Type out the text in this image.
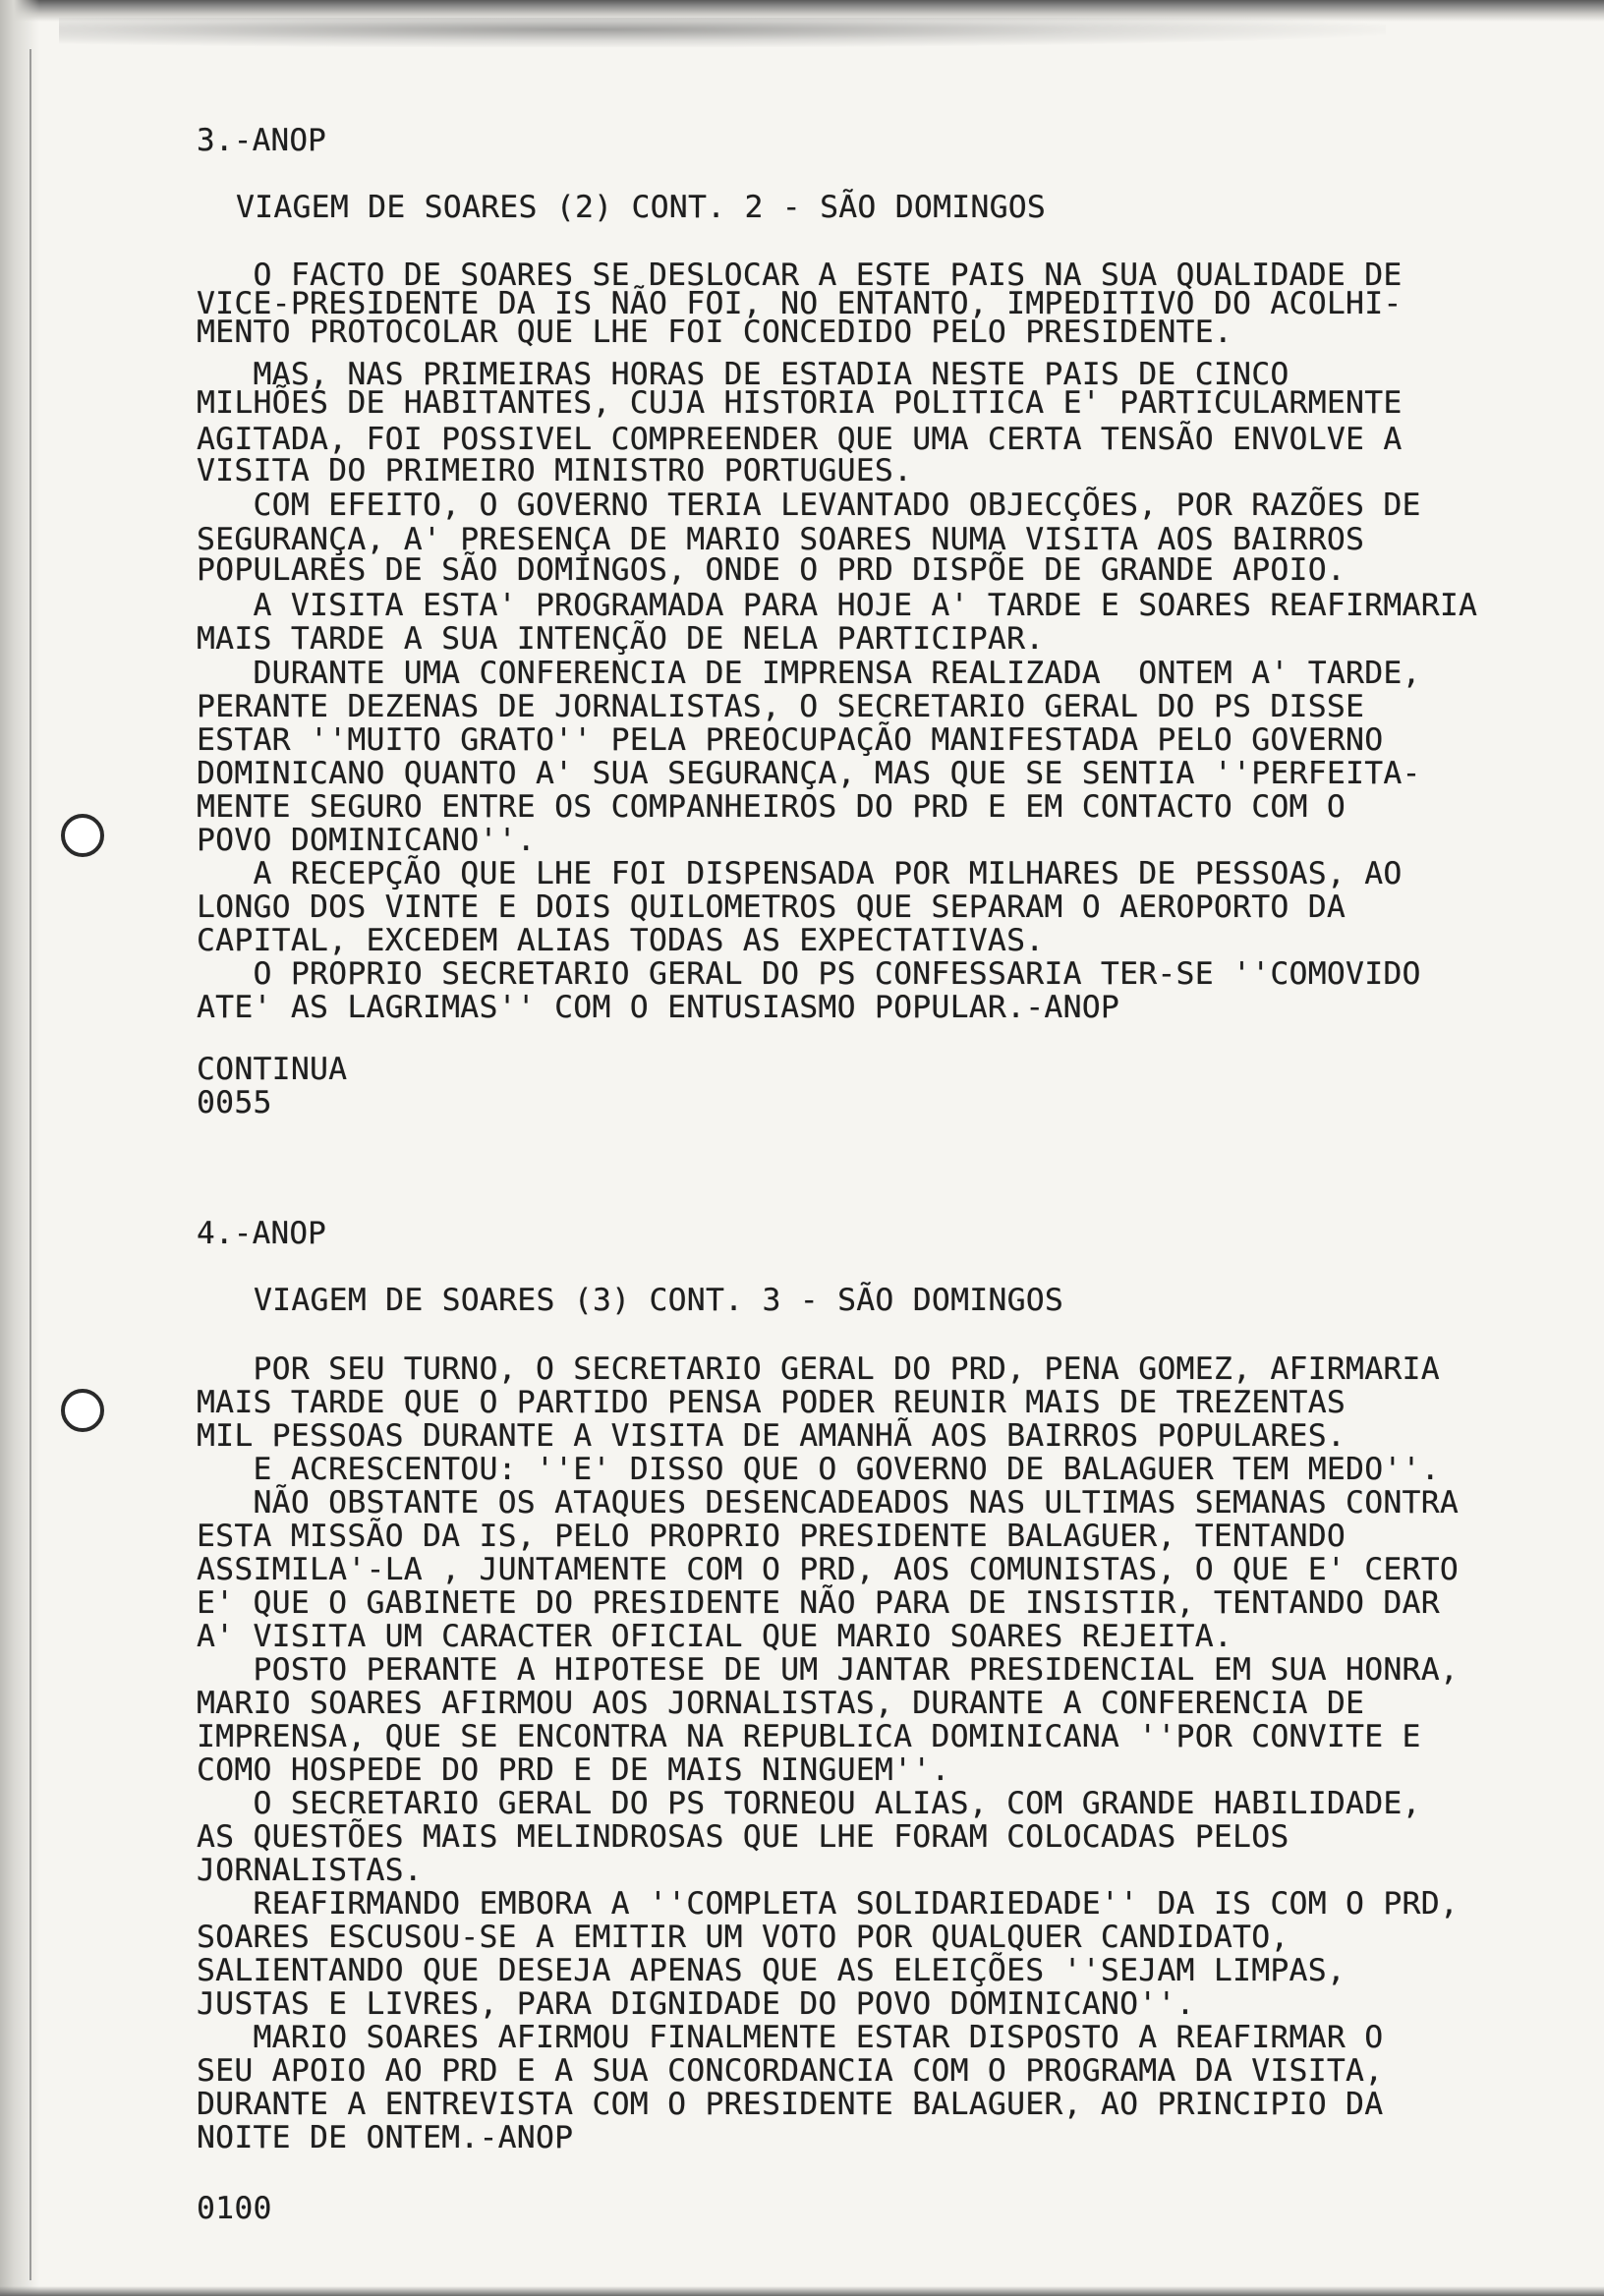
3.-ANOP
VIAGEM DE SOARES (2) CONT. 2 - SÃO DOMINGOS
O FACTO DE SOARES SE DESLOCAR A ESTE PAIS NA SUA QUALIDADE DE
VICE-PRESIDENTE DA IS NÃO FOI, NO ENTANTO, IMPEDITIVO DO ACOLHI-
MENTO PROTOCOLAR QUE LHE FOI CONCEDIDO PELO PRESIDENTE.
MAS, NAS PRIMEIRAS HORAS DE ESTADIA NESTE PAIS DE CINCO
MILHÕES DE HABITANTES, CUJA HISTORIA POLITICA E' PARTICULARMENTE
AGITADA, FOI POSSIVEL COMPREENDER QUE UMA CERTA TENSÃO ENVOLVE A
VISITA DO PRIMEIRO MINISTRO PORTUGUES.
COM EFEITO, O GOVERNO TERIA LEVANTADO OBJECÇÕES, POR RAZÕES DE
SEGURANÇA, A' PRESENÇA DE MARIO SOARES NUMA VISITA AOS BAIRROS
POPULARES DE SÃO DOMINGOS, ONDE O PRD DISPÕE DE GRANDE APOIO.
A VISITA ESTA' PROGRAMADA PARA HOJE A' TARDE E SOARES REAFIRMARIA
MAIS TARDE A SUA INTENÇÃO DE NELA PARTICIPAR.
DURANTE UMA CONFERENCIA DE IMPRENSA REALIZADA  ONTEM A' TARDE,
PERANTE DEZENAS DE JORNALISTAS, O SECRETARIO GERAL DO PS DISSE
ESTAR ''MUITO GRATO'' PELA PREOCUPAÇÃO MANIFESTADA PELO GOVERNO
DOMINICANO QUANTO A' SUA SEGURANÇA, MAS QUE SE SENTIA ''PERFEITA-
MENTE SEGURO ENTRE OS COMPANHEIROS DO PRD E EM CONTACTO COM O
POVO DOMINICANO''.
A RECEPÇÃO QUE LHE FOI DISPENSADA POR MILHARES DE PESSOAS, AO
LONGO DOS VINTE E DOIS QUILOMETROS QUE SEPARAM O AEROPORTO DA
CAPITAL, EXCEDEM ALIAS TODAS AS EXPECTATIVAS.
O PROPRIO SECRETARIO GERAL DO PS CONFESSARIA TER-SE ''COMOVIDO
ATE' AS LAGRIMAS'' COM O ENTUSIASMO POPULAR.-ANOP
CONTINUA
0055
4.-ANOP
VIAGEM DE SOARES (3) CONT. 3 - SÃO DOMINGOS
POR SEU TURNO, O SECRETARIO GERAL DO PRD, PENA GOMEZ, AFIRMARIA
MAIS TARDE QUE O PARTIDO PENSA PODER REUNIR MAIS DE TREZENTAS
MIL PESSOAS DURANTE A VISITA DE AMANHÃ AOS BAIRROS POPULARES.
E ACRESCENTOU: ''E' DISSO QUE O GOVERNO DE BALAGUER TEM MEDO''.
NÃO OBSTANTE OS ATAQUES DESENCADEADOS NAS ULTIMAS SEMANAS CONTRA
ESTA MISSÃO DA IS, PELO PROPRIO PRESIDENTE BALAGUER, TENTANDO
ASSIMILA'-LA , JUNTAMENTE COM O PRD, AOS COMUNISTAS, O QUE E' CERTO
E' QUE O GABINETE DO PRESIDENTE NÃO PARA DE INSISTIR, TENTANDO DAR
A' VISITA UM CARACTER OFICIAL QUE MARIO SOARES REJEITA.
POSTO PERANTE A HIPOTESE DE UM JANTAR PRESIDENCIAL EM SUA HONRA,
MARIO SOARES AFIRMOU AOS JORNALISTAS, DURANTE A CONFERENCIA DE
IMPRENSA, QUE SE ENCONTRA NA REPUBLICA DOMINICANA ''POR CONVITE E
COMO HOSPEDE DO PRD E DE MAIS NINGUEM''.
O SECRETARIO GERAL DO PS TORNEOU ALIAS, COM GRANDE HABILIDADE,
AS QUESTÕES MAIS MELINDROSAS QUE LHE FORAM COLOCADAS PELOS
JORNALISTAS.
REAFIRMANDO EMBORA A ''COMPLETA SOLIDARIEDADE'' DA IS COM O PRD,
SOARES ESCUSOU-SE A EMITIR UM VOTO POR QUALQUER CANDIDATO,
SALIENTANDO QUE DESEJA APENAS QUE AS ELEIÇÕES ''SEJAM LIMPAS,
JUSTAS E LIVRES, PARA DIGNIDADE DO POVO DOMINICANO''.
MARIO SOARES AFIRMOU FINALMENTE ESTAR DISPOSTO A REAFIRMAR O
SEU APOIO AO PRD E A SUA CONCORDANCIA COM O PROGRAMA DA VISITA,
DURANTE A ENTREVISTA COM O PRESIDENTE BALAGUER, AO PRINCIPIO DA
NOITE DE ONTEM.-ANOP
0100
